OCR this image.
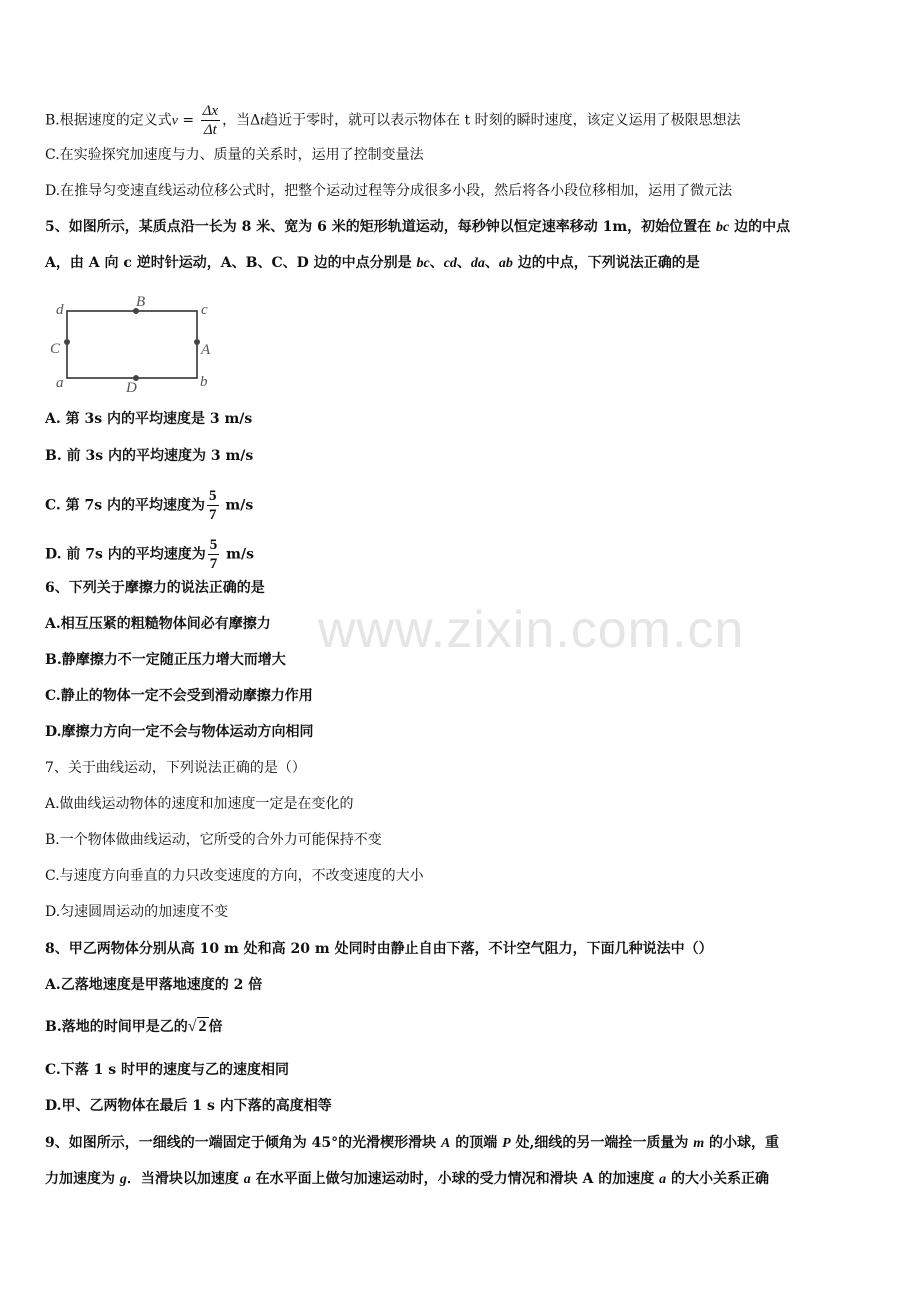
B.根据速度的定义式$v = \frac{\Delta x}{\Delta t}$ ，当Δt趋近于零时，就可以表示物体在 t 时刻的瞬时速度，该定义运用了极限思想法
C.在实验探究加速度与力、质量的关系时，运用了控制变量法
D.在推导匀变速直线运动位移公式时，把整个运动过程等分成很多小段，然后将各小段位移相加，运用了微元法
5、如图所示，某质点沿一长为 8 米、宽为 6 米的矩形轨道运动，每秒钟以恒定速率移动 1m，初始位置在 bc 边的中点
A，由 A 向 c 逆时针运动，A、B、C、D 边的中点分别是 bc、cd、da、ab 边的中点，下列说法正确的是
d	B	c
C	A
a	D	b
A. 第 3s 内的平均速度是 3 m/s
B. 前 3s 内的平均速度为 3 m/s
C. 第 7s 内的平均速度为 $\frac{5}{7} m/s$
D. 前 7s 内的平均速度为 $\frac{5}{7} m/s$
6、下列关于摩擦力的说法正确的是
A.相互压紧的粗糙物体间必有摩擦力
B.静摩擦力不一定随正压力增大而增大
C.静止的物体一定不会受到滑动摩擦力作用
D.摩擦力方向一定不会与物体运动方向相同
7、关于曲线运动，下列说法正确的是（）
A.做曲线运动物体的速度和加速度一定是在变化的
B.一个物体做曲线运动，它所受的合外力可能保持不变
C.与速度方向垂直的力只改变速度的方向，不改变速度的大小
D.匀速圆周运动的加速度不变
8、甲乙两物体分别从高 10 m 处和高 20 m 处同时由静止自由下落，不计空气阻力，下面几种说法中（）
A.乙落地速度是甲落地速度的 2 倍
B.落地的时间甲是乙的√ 2 倍
C.下落 1 s 时甲的速度与乙的速度相同
D.甲、乙两物体在最后 1 s 内下落的高度相等
9、如图所示，一细线的一端固定于倾角为 45°的光滑楔形滑块 A 的顶端 P 处,细线的另一端拴一质量为 m 的小球，重
力加速度为 g．当滑块以加速度 a 在水平面上做匀加速运动时，小球的受力情况和滑块 A 的加速度 a 的大小关系正确
www.zixin.com.cn
